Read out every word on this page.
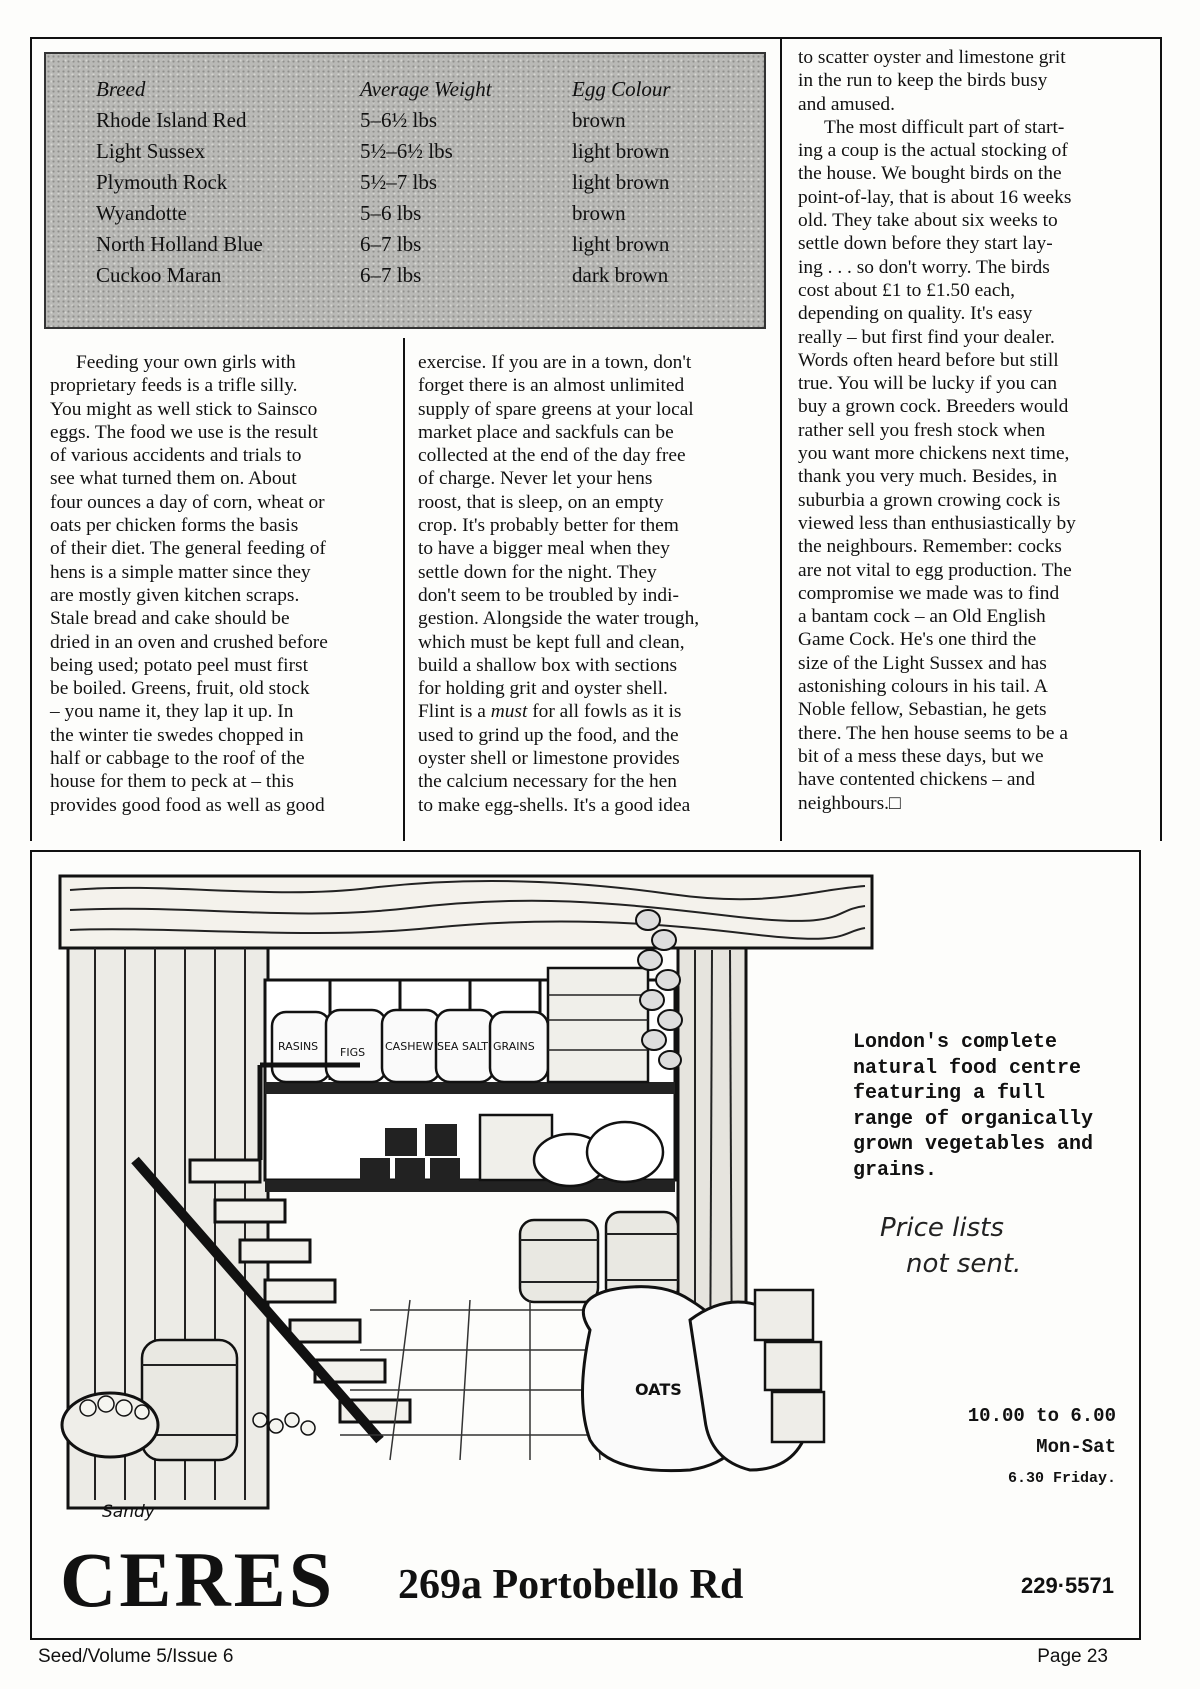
Breed	Average Weight	Egg Colour
Rhode Island Red	5–6½ lbs	brown
Light Sussex	5½–6½ lbs	light brown
Plymouth Rock	5½–7 lbs	light brown
Wyandotte	5–6 lbs	brown
North Holland Blue	6–7 lbs	light brown
Cuckoo Maran	6–7 lbs	dark brown
Feeding your own girls with
proprietary feeds is a trifle silly.
You might as well stick to Sainsco
eggs. The food we use is the result
of various accidents and trials to
see what turned them on. About
four ounces a day of corn, wheat or
oats per chicken forms the basis
of their diet. The general feeding of
hens is a simple matter since they
are mostly given kitchen scraps.
Stale bread and cake should be
dried in an oven and crushed before
being used; potato peel must first
be boiled. Greens, fruit, old stock
– you name it, they lap it up. In
the winter tie swedes chopped in
half or cabbage to the roof of the
house for them to peck at – this
provides good food as well as good
exercise. If you are in a town, don't
forget there is an almost unlimited
supply of spare greens at your local
market place and sackfuls can be
collected at the end of the day free
of charge. Never let your hens
roost, that is sleep, on an empty
crop. It's probably better for them
to have a bigger meal when they
settle down for the night. They
don't seem to be troubled by indi-
gestion. Alongside the water trough,
which must be kept full and clean,
build a shallow box with sections
for holding grit and oyster shell.
Flint is a must for all fowls as it is
used to grind up the food, and the
oyster shell or limestone provides
the calcium necessary for the hen
to make egg-shells. It's a good idea
to scatter oyster and limestone grit
in the run to keep the birds busy
and amused.
The most difficult part of start-
ing a coup is the actual stocking of
the house. We bought birds on the
point-of-lay, that is about 16 weeks
old. They take about six weeks to
settle down before they start lay-
ing . . . so don't worry. The birds
cost about £1 to £1.50 each,
depending on quality. It's easy
really – but first find your dealer.
Words often heard before but still
true. You will be lucky if you can
buy a grown cock. Breeders would
rather sell you fresh stock when
you want more chickens next time,
thank you very much. Besides, in
suburbia a grown crowing cock is
viewed less than enthusiastically by
the neighbours. Remember: cocks
are not vital to egg production. The
compromise we made was to find
a bantam cock – an Old English
Game Cock. He's one third the
size of the Light Sussex and has
astonishing colours in his tail. A
Noble fellow, Sebastian, he gets
there. The hen house seems to be a
bit of a mess these days, but we
have contented chickens – and
neighbours.□
RASINS FIGS CASHEW SEA SALT GRAINS
OATS
Sandy
London's complete
natural food centre
featuring a full
range of organically
grown vegetables and
grains.
Price lists
not sent.
10.00 to 6.00
Mon-Sat
6.30 Friday.
CERES 269a Portobello Rd	229·5571
Seed/Volume 5/Issue 6	Page 23
